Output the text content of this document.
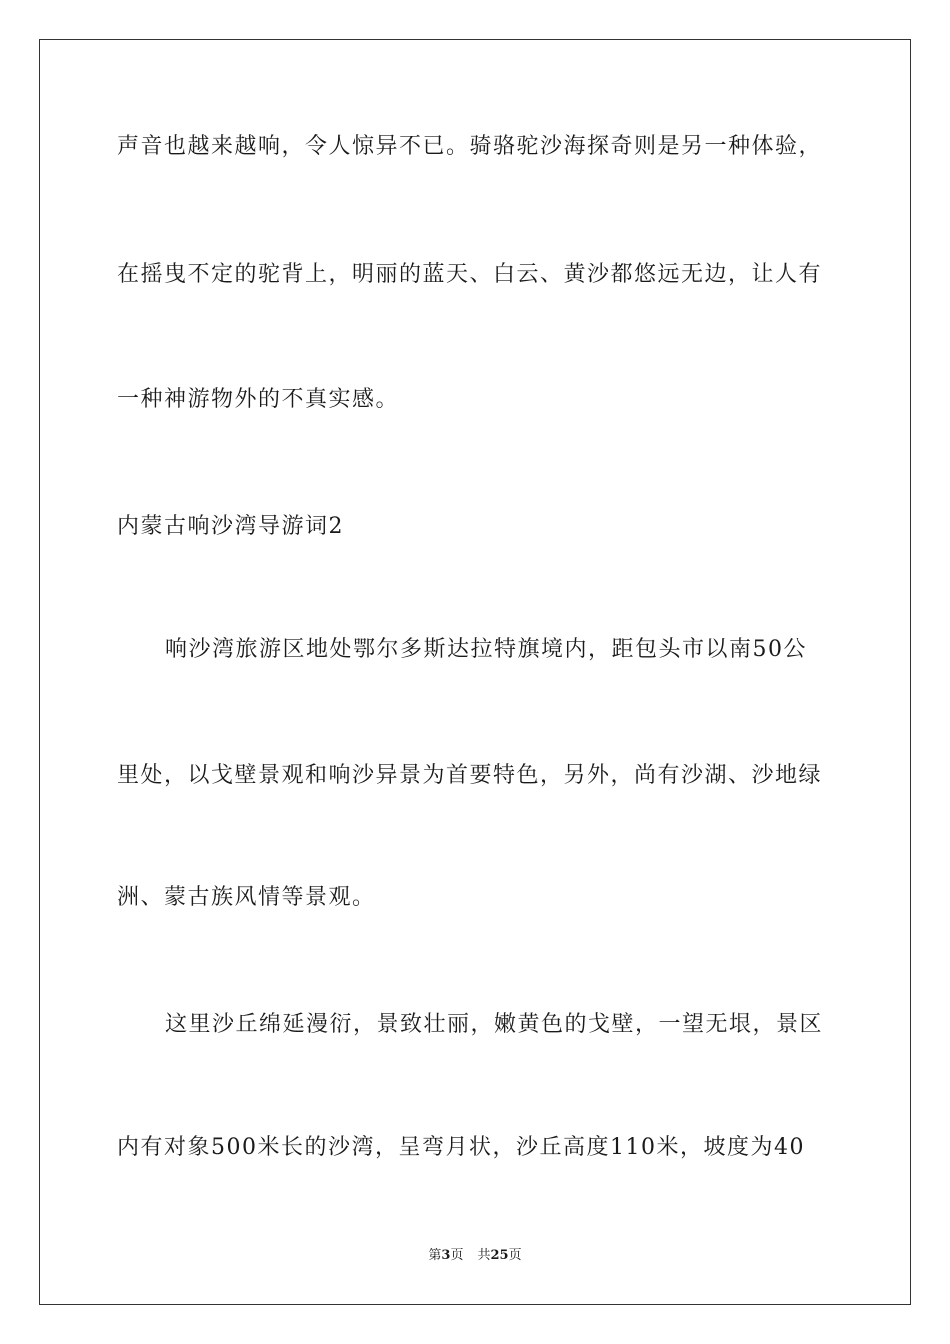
声音也越来越响，令人惊异不已。骑骆驼沙海探奇则是另一种体验，
在摇曳不定的驼背上，明丽的蓝天、白云、黄沙都悠远无边，让人有
一种神游物外的不真实感。
内蒙古响沙湾导游词2
响沙湾旅游区地处鄂尔多斯达拉特旗境内，距包头市以南50公
里处，以戈壁景观和响沙异景为首要特色，另外，尚有沙湖、沙地绿
洲、蒙古族风情等景观。
这里沙丘绵延漫衍，景致壮丽，嫩黄色的戈壁，一望无垠，景区
内有对象500米长的沙湾，呈弯月状，沙丘高度110米，坡度为40
第3页 共25页
